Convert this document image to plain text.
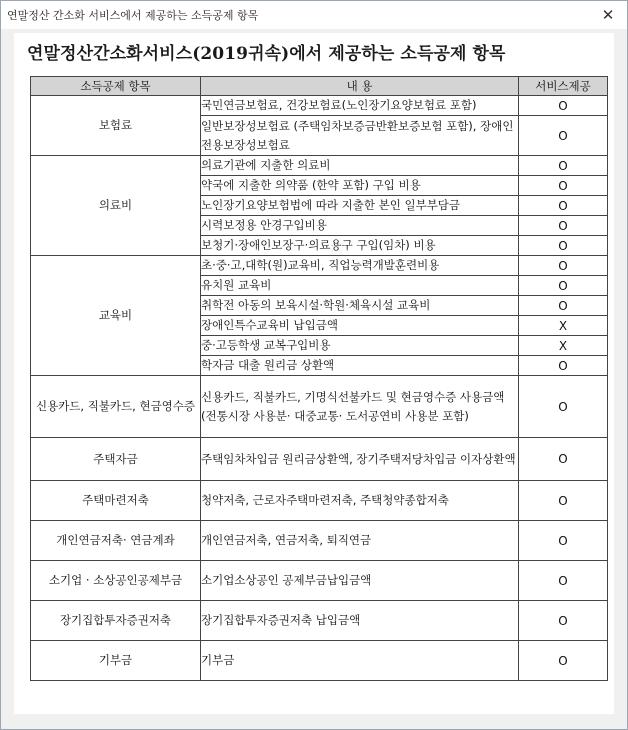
연말정산 간소화 서비스에서 제공하는 소득공제 항목	✕
연말정산간소화서비스(2019귀속)에서 제공하는 소득공제 항목
소득공제 항목	내 용	서비스제공
보험료	국민연금보험료, 건강보험료(노인장기요양보험료 포함)	O
	일반보장성보험료 (주택임차보증금반환보증보험 포함), 장애인전용보장성보험료	O
의료비	의료기관에 지출한 의료비	O
	약국에 지출한 의약품 (한약 포함) 구입 비용	O
	노인장기요양보험법에 따라 지출한 본인 일부부담금	O
	시력보정용 안경구입비용	O
	보청기·장애인보장구·의료용구 구입(임차) 비용	O
교육비	초·중·고,대학(원)교육비, 직업능력개발훈련비용	O
	유치원 교육비	O
	취학전 아동의 보육시설·학원·체육시설 교육비	O
	장애인특수교육비 납입금액	X
	중·고등학생 교복구입비용	X
	학자금 대출 원리금 상환액	O
신용카드, 직불카드, 현금영수증	신용카드, 직불카드, 기명식선불카드 및 현금영수증 사용금액(전통시장 사용분· 대중교통· 도서공연비 사용분 포함)	O
주택자금	주택임차차입금 원리금상환액, 장기주택저당차입금 이자상환액	O
주택마련저축	청약저축, 근로자주택마련저축, 주택청약종합저축	O
개인연금저축· 연금계좌	개인연금저축, 연금저축, 퇴직연금	O
소기업 · 소상공인공제부금	소기업소상공인 공제부금납입금액	O
장기집합투자증권저축	장기집합투자증권저축 납입금액	O
기부금	기부금	O
